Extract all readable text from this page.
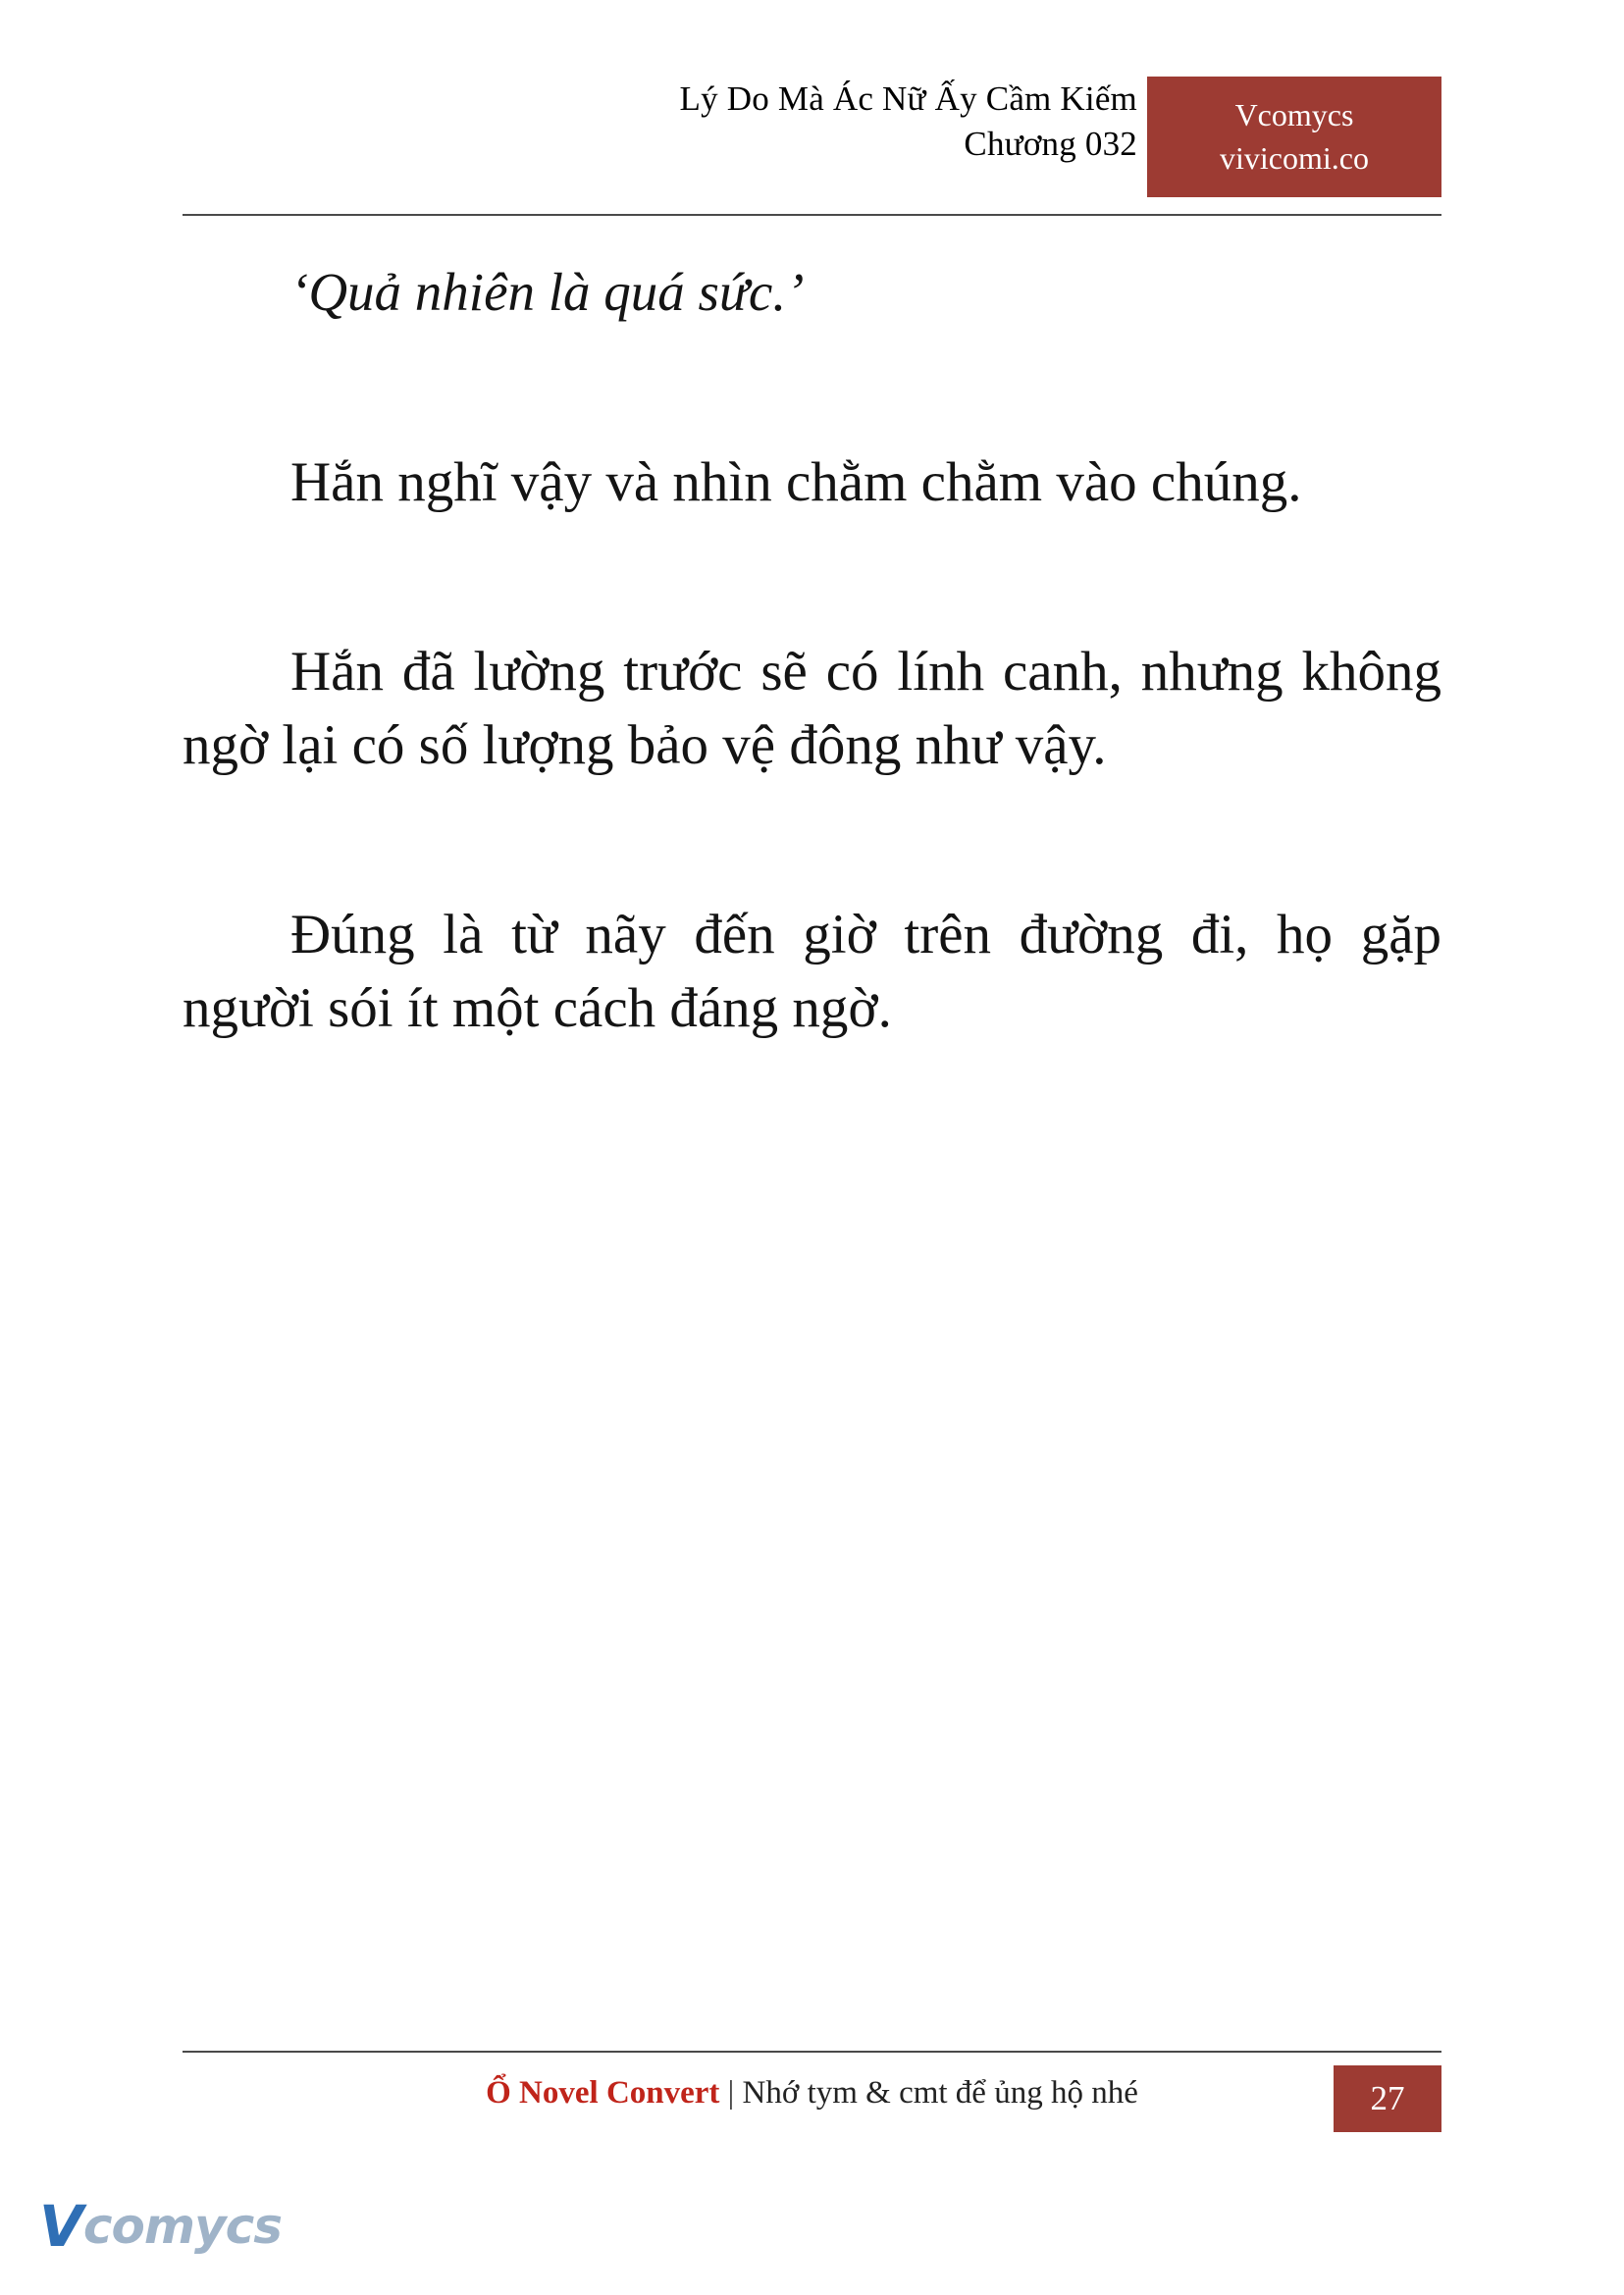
Lý Do Mà Ác Nữ Ấy Cầm Kiếm
Chương 032
Vcomycs
vivicomi.co

‘Quả nhiên là quá sức.’

Hắn nghĩ vậy và nhìn chằm chằm vào chúng.

Hắn đã lường trước sẽ có lính canh, nhưng không ngờ lại có số lượng bảo vệ đông như vậy.

Đúng là từ nãy đến giờ trên đường đi, họ gặp người sói ít một cách đáng ngờ.

Ổ Novel Convert | Nhớ tym & cmt để ủng hộ nhé	27
V comycs
